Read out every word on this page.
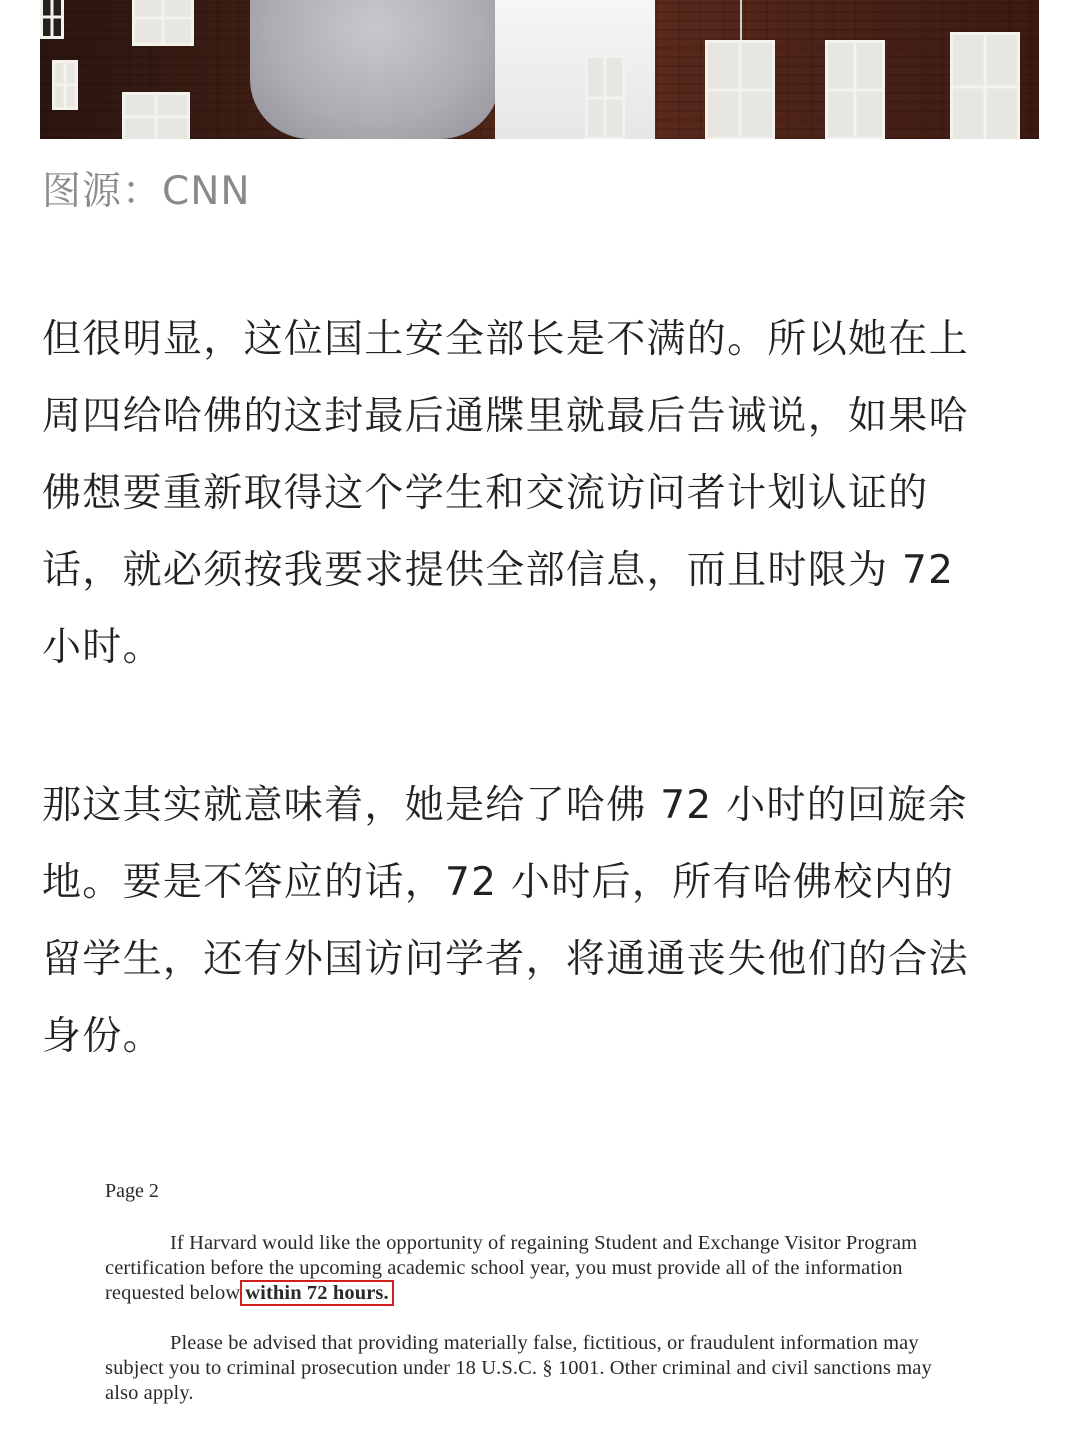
图源：CNN

但很明显，这位国土安全部长是不满的。所以她在上
周四给哈佛的这封最后通牒里就最后告诫说，如果哈
佛想要重新取得这个学生和交流访问者计划认证的
话，就必须按我要求提供全部信息，而且时限为 72
小时。

那这其实就意味着，她是给了哈佛 72 小时的回旋余
地。要是不答应的话，72 小时后，所有哈佛校内的
留学生，还有外国访问学者，将通通丧失他们的合法
身份。

Page 2
If Harvard would like the opportunity of regaining Student and Exchange Visitor Program
certification before the upcoming academic school year, you must provide all of the information
requested below within 72 hours.
Please be advised that providing materially false, fictitious, or fraudulent information may
subject you to criminal prosecution under 18 U.S.C. § 1001. Other criminal and civil sanctions may
also apply.
